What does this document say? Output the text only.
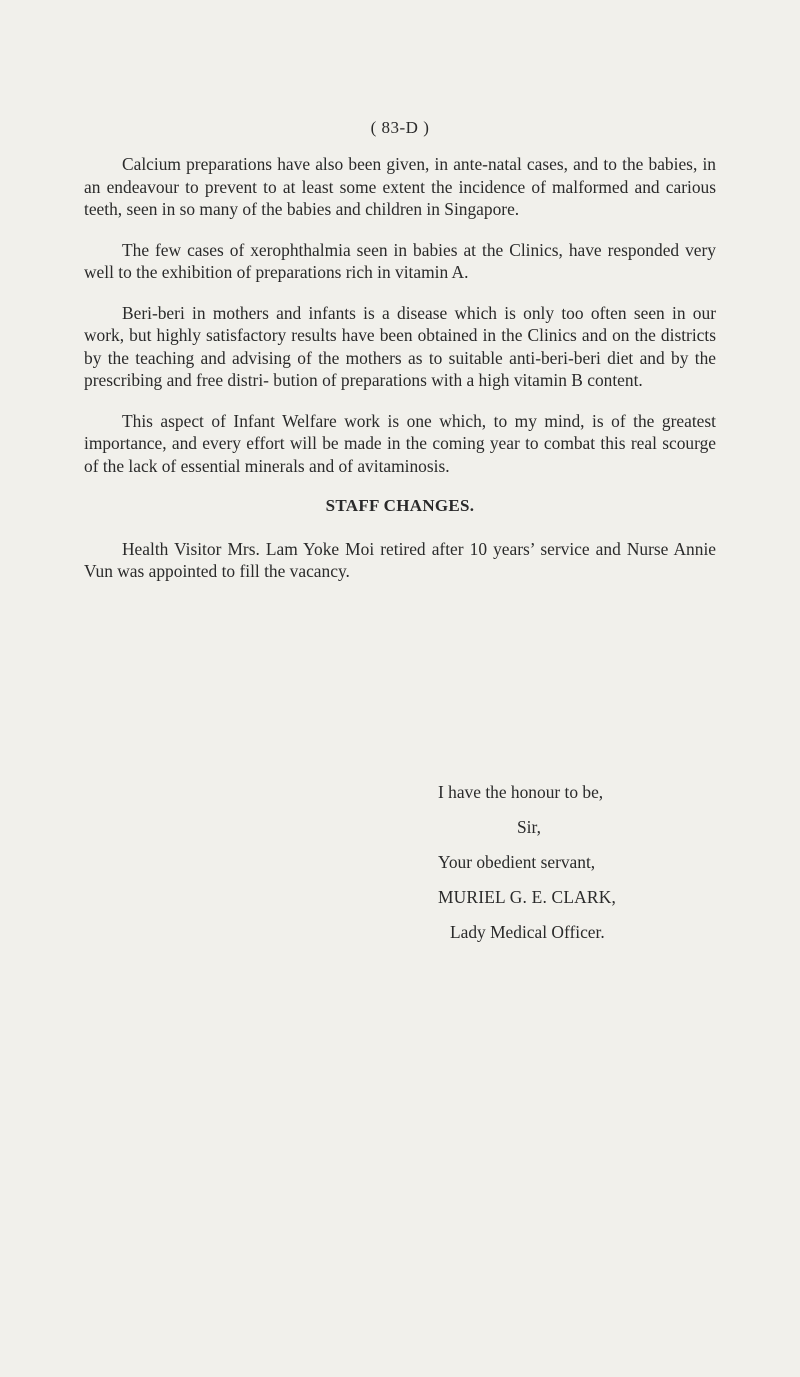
( 83-D )

Calcium preparations have also been given, in ante-natal cases, and to the babies, in an endeavour to prevent to at least some extent the incidence of malformed and carious teeth, seen in so many of the babies and children in Singapore.

The few cases of xerophthalmia seen in babies at the Clinics, have responded very well to the exhibition of preparations rich in vitamin A.

Beri-beri in mothers and infants is a disease which is only too often seen in our work, but highly satisfactory results have been obtained in the Clinics and on the districts by the teaching and advising of the mothers as to suitable anti-beri-beri diet and by the prescribing and free distri- bution of preparations with a high vitamin B content.

This aspect of Infant Welfare work is one which, to my mind, is of the greatest importance, and every effort will be made in the coming year to combat this real scourge of the lack of essential minerals and of avitaminosis.

STAFF CHANGES.

Health Visitor Mrs. Lam Yoke Moi retired after 10 years’ service and Nurse Annie Vun was appointed to fill the vacancy.

I have the honour to be,
Sir,
Your obedient servant,
MURIEL G. E. CLARK,
Lady Medical Officer.
